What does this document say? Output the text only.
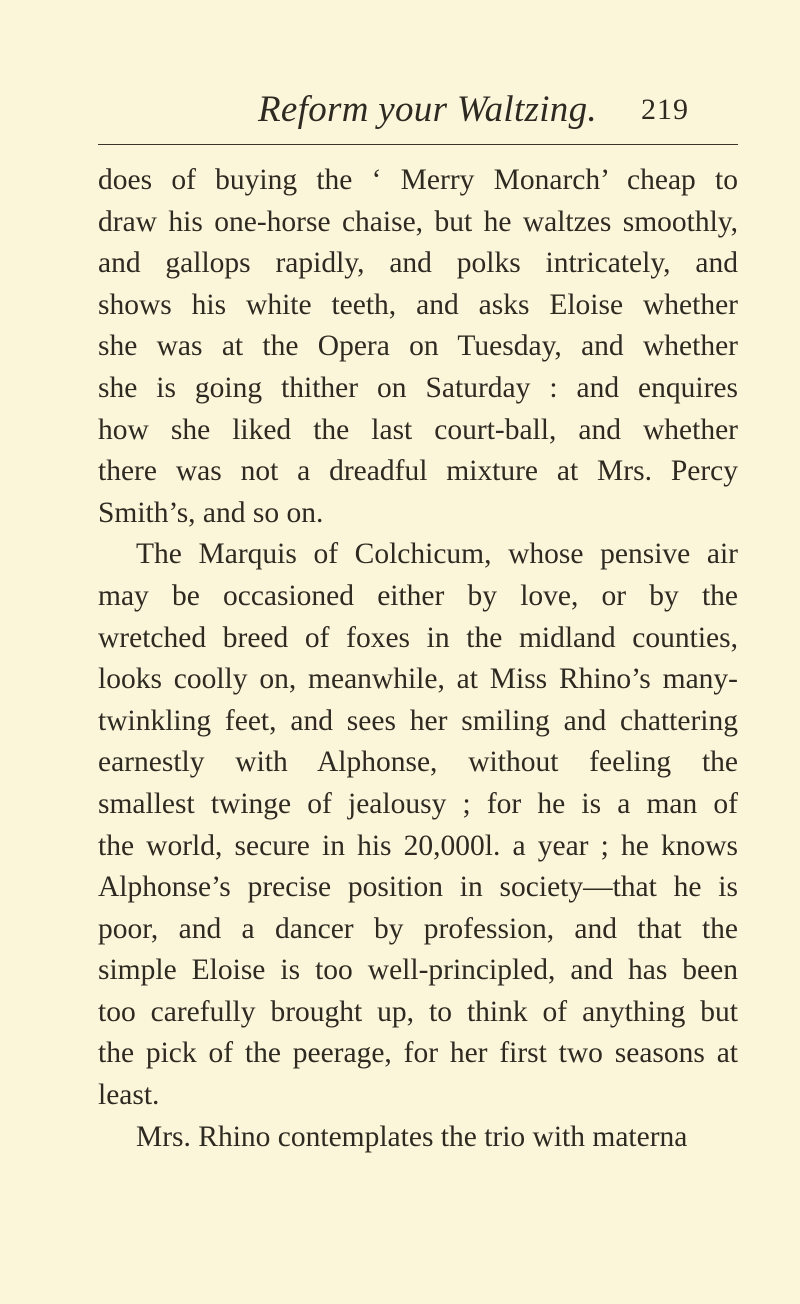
Reform your Waltzing. 219
does of buying the ‘ Merry Monarch’ cheap to
draw his one-horse chaise, but he waltzes smoothly,
and gallops rapidly, and polks intricately, and
shows his white teeth, and asks Eloise whether
she was at the Opera on Tuesday, and whether
she is going thither on Saturday : and enquires
how she liked the last court-ball, and whether
there was not a dreadful mixture at Mrs. Percy
Smith’s, and so on.
The Marquis of Colchicum, whose pensive air
may be occasioned either by love, or by the
wretched breed of foxes in the midland counties,
looks coolly on, meanwhile, at Miss Rhino’s many-
twinkling feet, and sees her smiling and chattering
earnestly with Alphonse, without feeling the
smallest twinge of jealousy ; for he is a man of
the world, secure in his 20,000l. a year ; he knows
Alphonse’s precise position in society—that he is
poor, and a dancer by profession, and that the
simple Eloise is too well-principled, and has been
too carefully brought up, to think of anything but
the pick of the peerage, for her first two seasons at
least.
Mrs. Rhino contemplates the trio with materna
